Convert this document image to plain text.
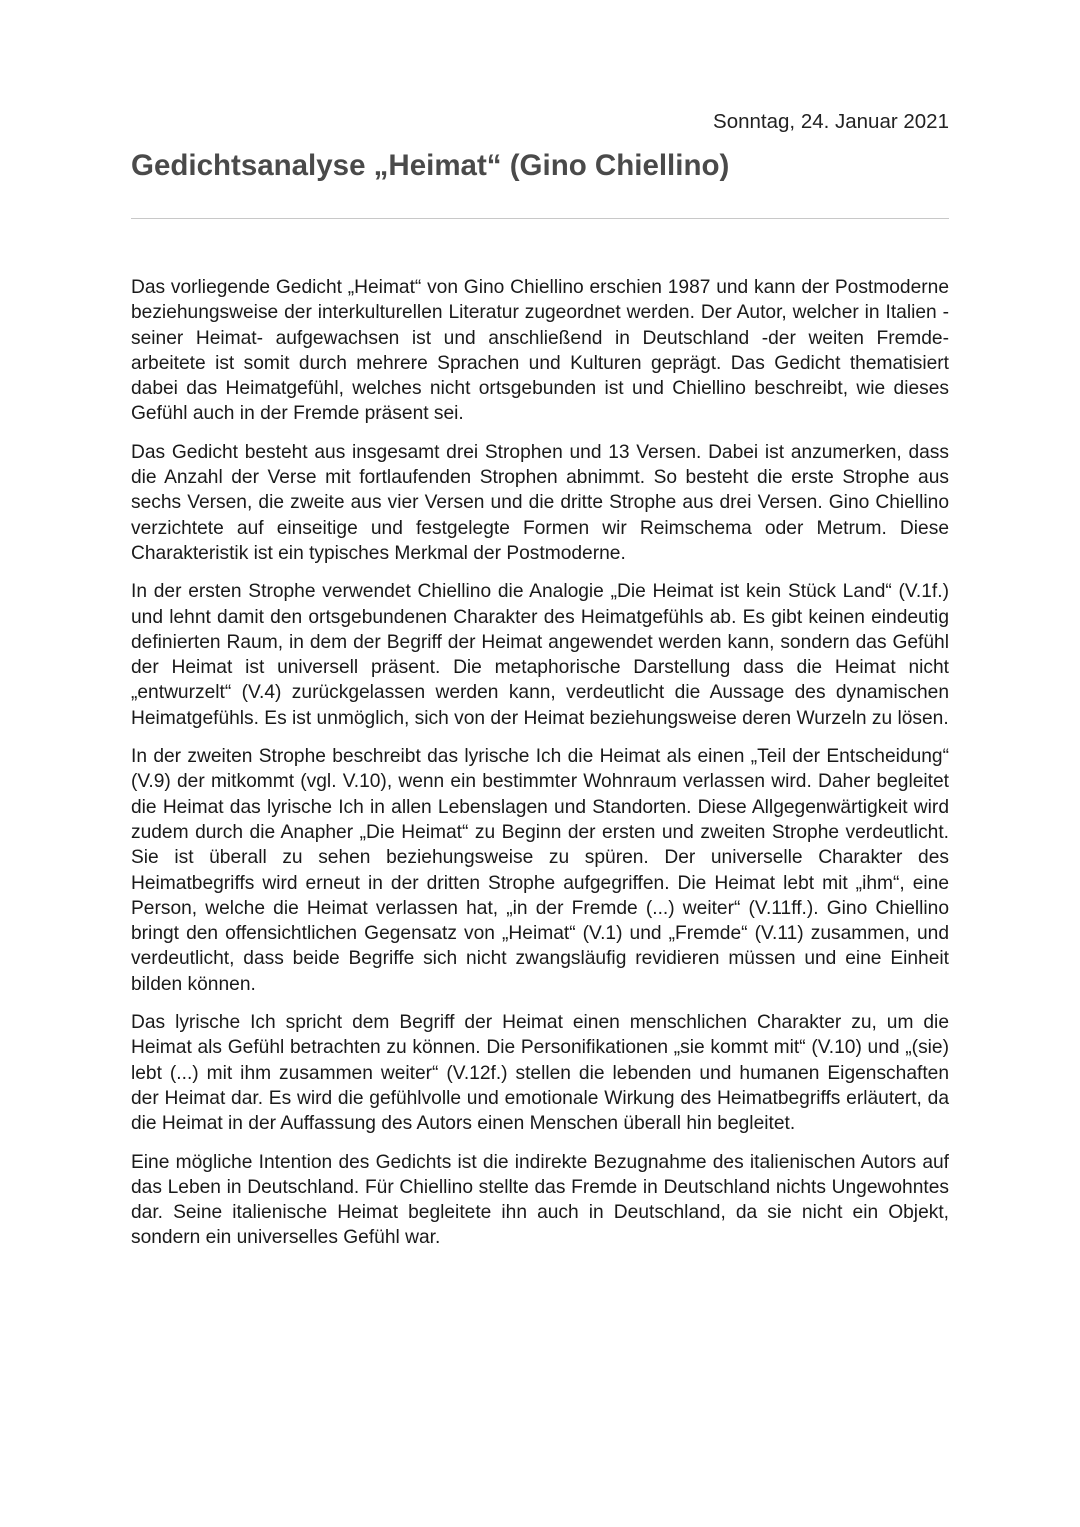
Sonntag, 24. Januar 2021
Gedichtsanalyse „Heimat“ (Gino Chiellino)

Das vorliegende Gedicht „Heimat“ von Gino Chiellino erschien 1987 und kann der Postmoderne beziehungsweise der interkulturellen Literatur zugeordnet werden. Der Autor, welcher in Italien -seiner Heimat- aufgewachsen ist und anschließend in Deutschland -der weiten Fremde- arbeitete ist somit durch mehrere Sprachen und Kulturen geprägt. Das Gedicht thematisiert dabei das Heimatgefühl, welches nicht ortsgebunden ist und Chiellino beschreibt, wie dieses Gefühl auch in der Fremde präsent sei.

Das Gedicht besteht aus insgesamt drei Strophen und 13 Versen. Dabei ist anzumerken, dass die Anzahl der Verse mit fortlaufenden Strophen abnimmt. So besteht die erste Strophe aus sechs Versen, die zweite aus vier Versen und die dritte Strophe aus drei Versen. Gino Chiellino verzichtete auf einseitige und festgelegte Formen wir Reimschema oder Metrum. Diese Charakteristik ist ein typisches Merkmal der Postmoderne.

In der ersten Strophe verwendet Chiellino die Analogie „Die Heimat ist kein Stück Land“ (V.1f.) und lehnt damit den ortsgebundenen Charakter des Heimatgefühls ab. Es gibt keinen eindeutig definierten Raum, in dem der Begriff der Heimat angewendet werden kann, sondern das Gefühl der Heimat ist universell präsent. Die metaphorische Darstellung dass die Heimat nicht „entwurzelt“ (V.4) zurückgelassen werden kann, verdeutlicht die Aussage des dynamischen Heimatgefühls. Es ist unmöglich, sich von der Heimat beziehungsweise deren Wurzeln zu lösen.

In der zweiten Strophe beschreibt das lyrische Ich die Heimat als einen „Teil der Entscheidung“ (V.9) der mitkommt (vgl. V.10), wenn ein bestimmter Wohnraum verlassen wird. Daher begleitet die Heimat das lyrische Ich in allen Lebenslagen und Standorten. Diese Allgegenwärtigkeit wird zudem durch die Anapher „Die Heimat“ zu Beginn der ersten und zweiten Strophe verdeutlicht. Sie ist überall zu sehen beziehungsweise zu spüren. Der universelle Charakter des Heimatbegriffs wird erneut in der dritten Strophe aufgegriffen. Die Heimat lebt mit „ihm“, eine Person, welche die Heimat verlassen hat, „in der Fremde (...) weiter“ (V.11ff.). Gino Chiellino bringt den offensichtlichen Gegensatz von „Heimat“ (V.1) und „Fremde“ (V.11) zusammen, und verdeutlicht, dass beide Begriffe sich nicht zwangsläufig revidieren müssen und eine Einheit bilden können.

Das lyrische Ich spricht dem Begriff der Heimat einen menschlichen Charakter zu, um die Heimat als Gefühl betrachten zu können. Die Personifikationen „sie kommt mit“ (V.10) und „(sie) lebt (...) mit ihm zusammen weiter“ (V.12f.) stellen die lebenden und humanen Eigenschaften der Heimat dar. Es wird die gefühlvolle und emotionale Wirkung des Heimatbegriffs erläutert, da die Heimat in der Auffassung des Autors einen Menschen überall hin begleitet.

Eine mögliche Intention des Gedichts ist die indirekte Bezugnahme des italienischen Autors auf das Leben in Deutschland. Für Chiellino stellte das Fremde in Deutschland nichts Ungewohntes dar. Seine italienische Heimat begleitete ihn auch in Deutschland, da sie nicht ein Objekt, sondern ein universelles Gefühl war.
